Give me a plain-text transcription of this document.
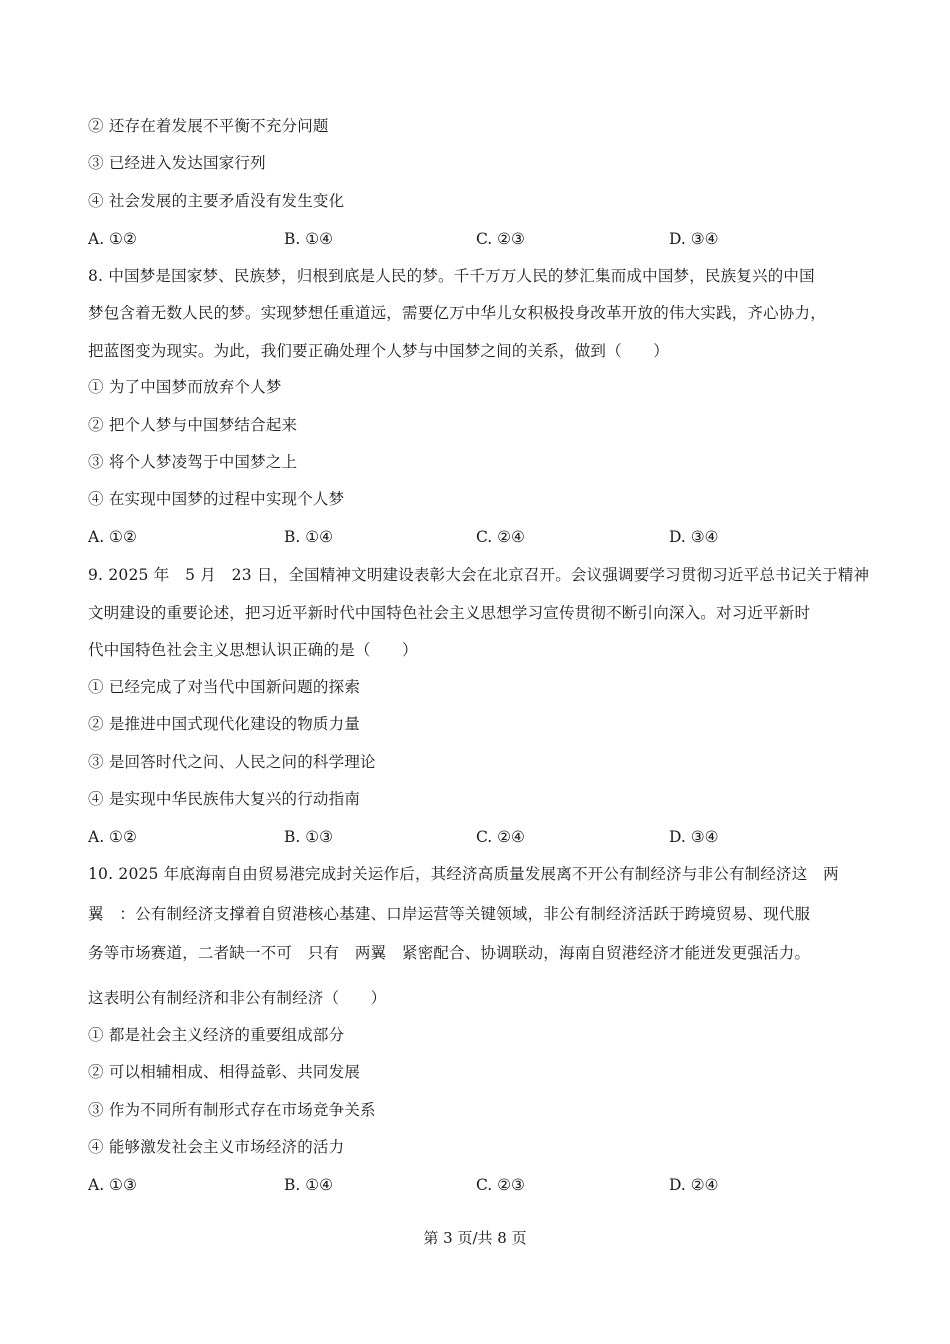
② 还存在着发展不平衡不充分问题
③ 已经进入发达国家行列
④ 社会发展的主要矛盾没有发生变化
A. ①②	B. ①④	C. ②③	D. ③④
8. 中国梦是国家梦、民族梦，归根到底是人民的梦。千千万万人民的梦汇集而成中国梦，民族复兴的中国
梦包含着无数人民的梦。实现梦想任重道远，需要亿万中华儿女积极投身改革开放的伟大实践，齐心协力，
把蓝图变为现实。为此，我们要正确处理个人梦与中国梦之间的关系，做到（　　）
① 为了中国梦而放弃个人梦
② 把个人梦与中国梦结合起来
③ 将个人梦凌驾于中国梦之上
④ 在实现中国梦的过程中实现个人梦
A. ①②	B. ①④	C. ②④	D. ③④
9. 2025 年　5 月　23 日，全国精神文明建设表彰大会在北京召开。会议强调要学习贯彻习近平总书记关于精神
文明建设的重要论述，把习近平新时代中国特色社会主义思想学习宣传贯彻不断引向深入。对习近平新时
代中国特色社会主义思想认识正确的是（　　）
① 已经完成了对当代中国新问题的探索
② 是推进中国式现代化建设的物质力量
③ 是回答时代之问、人民之问的科学理论
④ 是实现中华民族伟大复兴的行动指南
A. ①②	B. ①③	C. ②④	D. ③④
10. 2025 年底海南自由贸易港完成封关运作后，其经济高质量发展离不开公有制经济与非公有制经济这　两
翼　：公有制经济支撑着自贸港核心基建、口岸运营等关键领域，非公有制经济活跃于跨境贸易、现代服
务等市场赛道，二者缺一不可　只有　两翼　紧密配合、协调联动，海南自贸港经济才能迸发更强活力。
这表明公有制经济和非公有制经济（　　）
① 都是社会主义经济的重要组成部分
② 可以相辅相成、相得益彰、共同发展
③ 作为不同所有制形式存在市场竞争关系
④ 能够激发社会主义市场经济的活力
A. ①③	B. ①④	C. ②③	D. ②④
第 3 页/共 8 页
